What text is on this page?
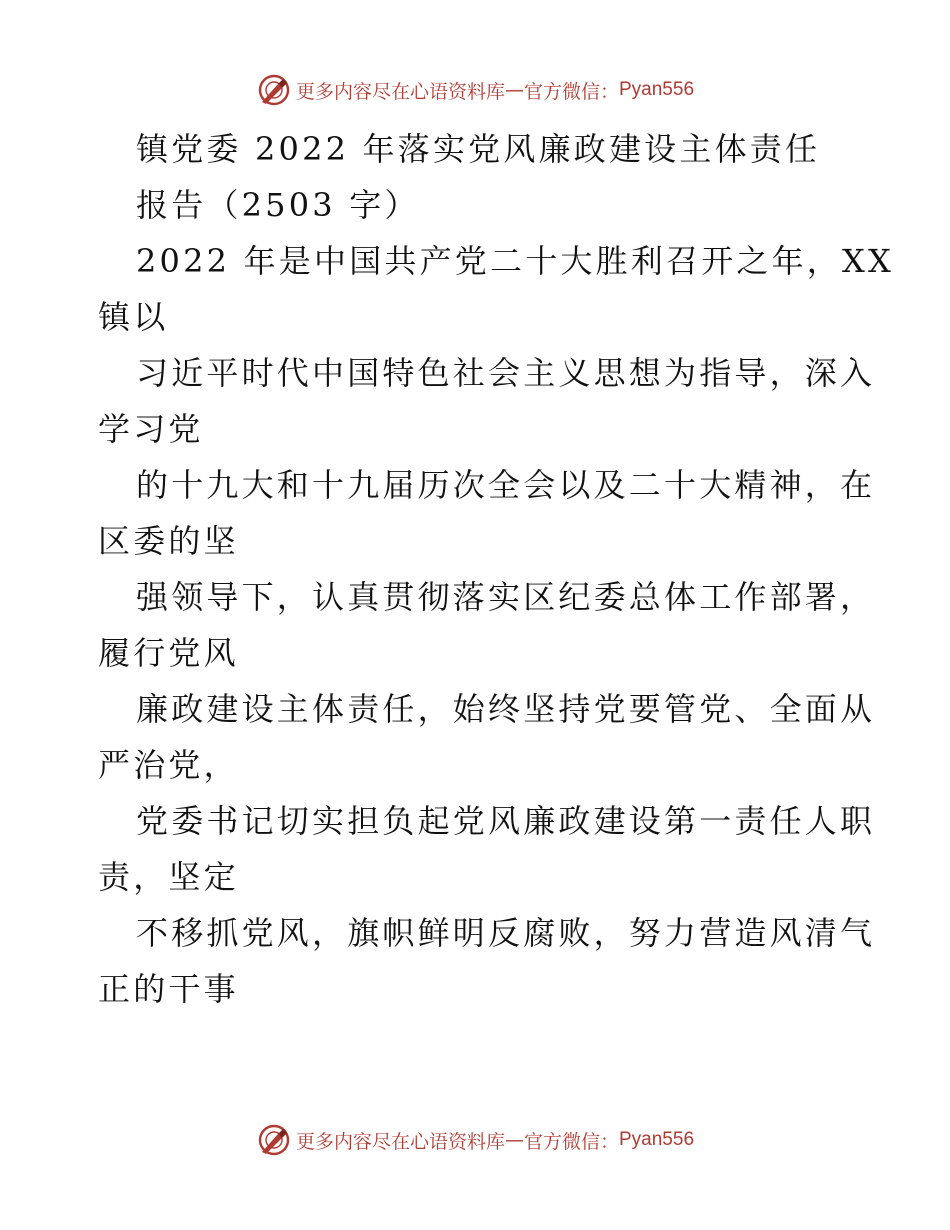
更多内容尽在心语资料库 — 官方微信： Pyan556
镇党委 2022 年落实党风廉政建设主体责任
报告（2503 字）
2022 年是中国共产党二十大胜利召开之年，XX
镇以
习近平时代中国特色社会主义思想为指导，深入
学习党
的十九大和十九届历次全会以及二十大精神，在
区委的坚
强领导下，认真贯彻落实区纪委总体工作部署，
履行党风
廉政建设主体责任，始终坚持党要管党、全面从
严治党，
党委书记切实担负起党风廉政建设第一责任人职
责，坚定
不移抓党风，旗帜鲜明反腐败，努力营造风清气
正的干事
更多内容尽在心语资料库 — 官方微信： Pyan556
